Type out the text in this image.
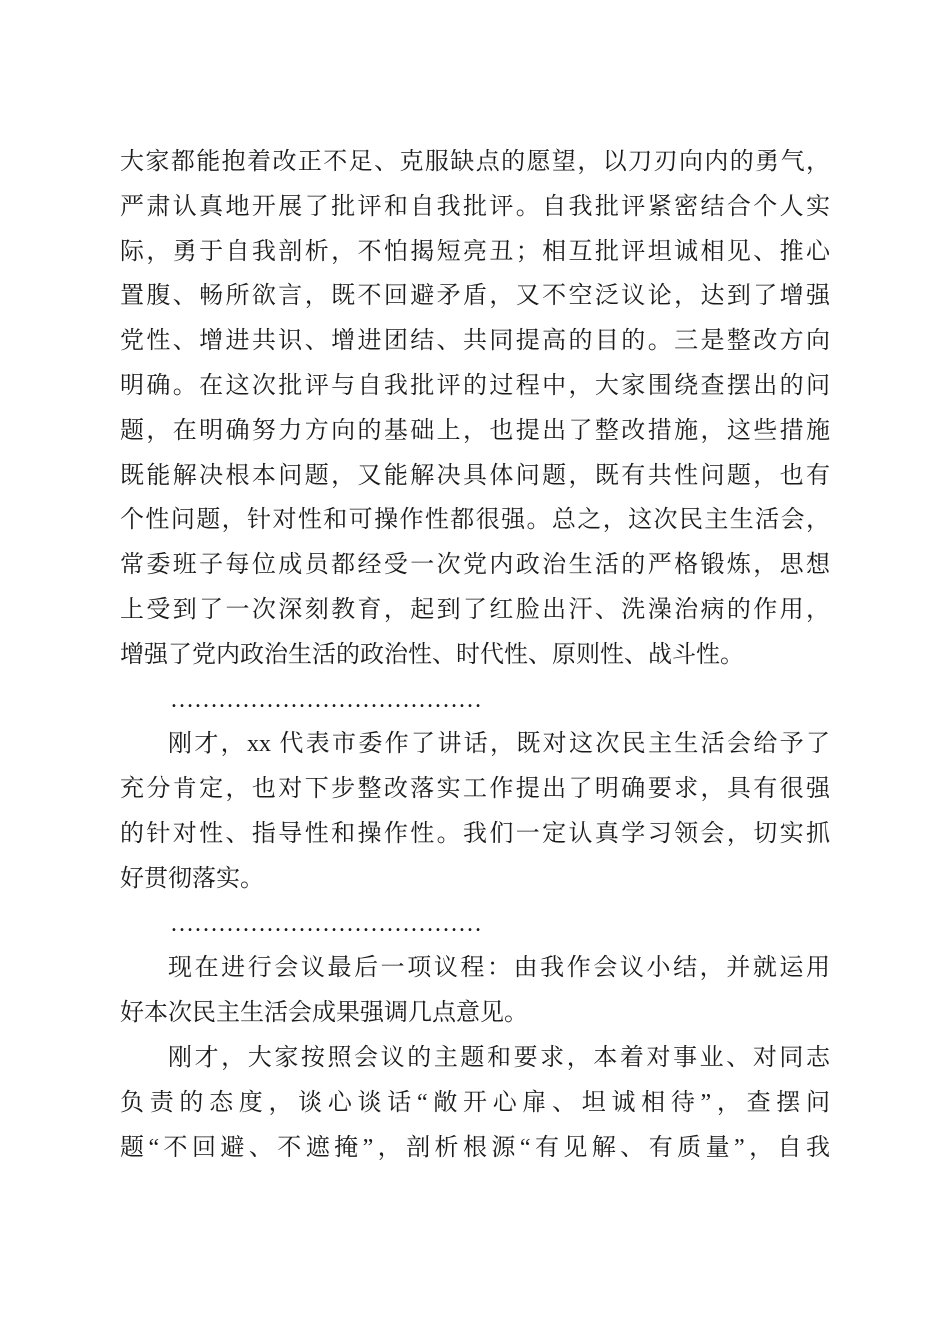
大家都能抱着改正不足、克服缺点的愿望，以刀刃向内的勇气，
严肃认真地开展了批评和自我批评。自我批评紧密结合个人实
际，勇于自我剖析，不怕揭短亮丑；相互批评坦诚相见、推心
置腹、畅所欲言，既不回避矛盾，又不空泛议论，达到了增强
党性、增进共识、增进团结、共同提高的目的。三是整改方向
明确。在这次批评与自我批评的过程中，大家围绕查摆出的问
题，在明确努力方向的基础上，也提出了整改措施，这些措施
既能解决根本问题，又能解决具体问题，既有共性问题，也有
个性问题，针对性和可操作性都很强。总之，这次民主生活会，
常委班子每位成员都经受一次党内政治生活的严格锻炼，思想
上受到了一次深刻教育，起到了红脸出汗、洗澡治病的作用，
增强了党内政治生活的政治性、时代性、原则性、战斗性。
…………………………………
刚才，xx 代表市委作了讲话，既对这次民主生活会给予了
充分肯定，也对下步整改落实工作提出了明确要求，具有很强
的针对性、指导性和操作性。我们一定认真学习领会，切实抓
好贯彻落实。
…………………………………
现在进行会议最后一项议程：由我作会议小结，并就运用
好本次民主生活会成果强调几点意见。
刚才，大家按照会议的主题和要求，本着对事业、对同志
负责的态度，谈心谈话“敞开心扉、坦诚相待”，查摆问
题“不回避、不遮掩”，剖析根源“有见解、有质量”，自我
